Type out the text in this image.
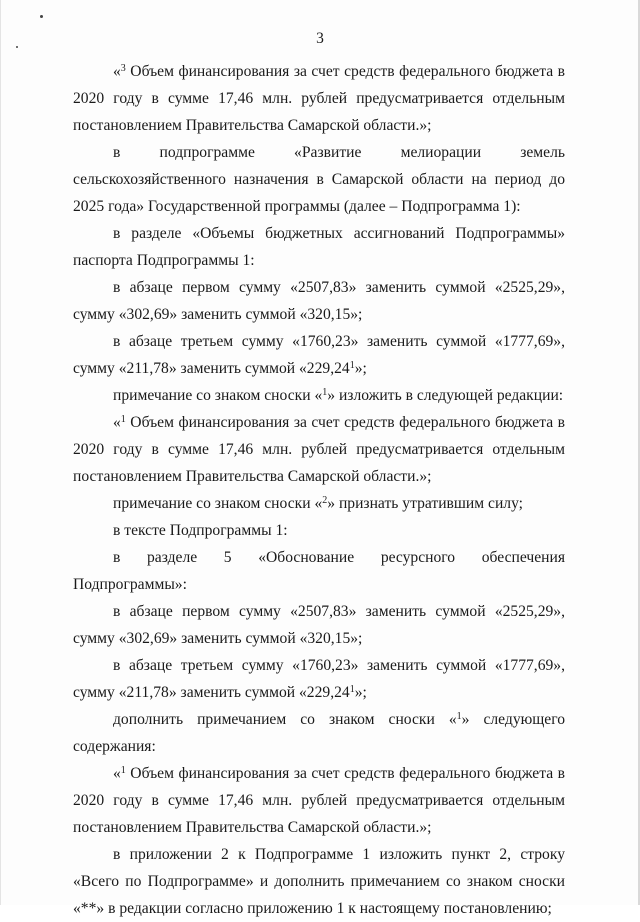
3

«$^3$ Объем финансирования за счет средств федерального бюджета в 2020 году в сумме 17,46 млн. рублей предусматривается отдельным постановлением Правительства Самарской области.»;

в подпрограмме «Развитие мелиорации земель сельскохозяйственного назначения в Самарской области на период до 2025 года» Государственной программы (далее – Подпрограмма 1):

в разделе «Объемы бюджетных ассигнований Подпрограммы» паспорта Подпрограммы 1:

в абзаце первом сумму «2507,83» заменить суммой «2525,29», сумму «302,69» заменить суммой «320,15»;

в абзаце третьем сумму «1760,23» заменить суммой «1777,69», сумму «211,78» заменить суммой «229,24$^1$»;

примечание со знаком сноски «$^1$» изложить в следующей редакции:

«$^1$ Объем финансирования за счет средств федерального бюджета в 2020 году в сумме 17,46 млн. рублей предусматривается отдельным постановлением Правительства Самарской области.»;

примечание со знаком сноски «$^2$» признать утратившим силу;

в тексте Подпрограммы 1:

в разделе 5 «Обоснование ресурсного обеспечения Подпрограммы»:

в абзаце первом сумму «2507,83» заменить суммой «2525,29», сумму «302,69» заменить суммой «320,15»;

в абзаце третьем сумму «1760,23» заменить суммой «1777,69», сумму «211,78» заменить суммой «229,24$^1$»;

дополнить примечанием со знаком сноски «$^1$» следующего содержания:

«$^1$ Объем финансирования за счет средств федерального бюджета в 2020 году в сумме 17,46 млн. рублей предусматривается отдельным постановлением Правительства Самарской области.»;

в приложении 2 к Подпрограмме 1 изложить пункт 2, строку «Всего по Подпрограмме» и дополнить примечанием со знаком сноски «**» в редакции согласно приложению 1 к настоящему постановлению;
